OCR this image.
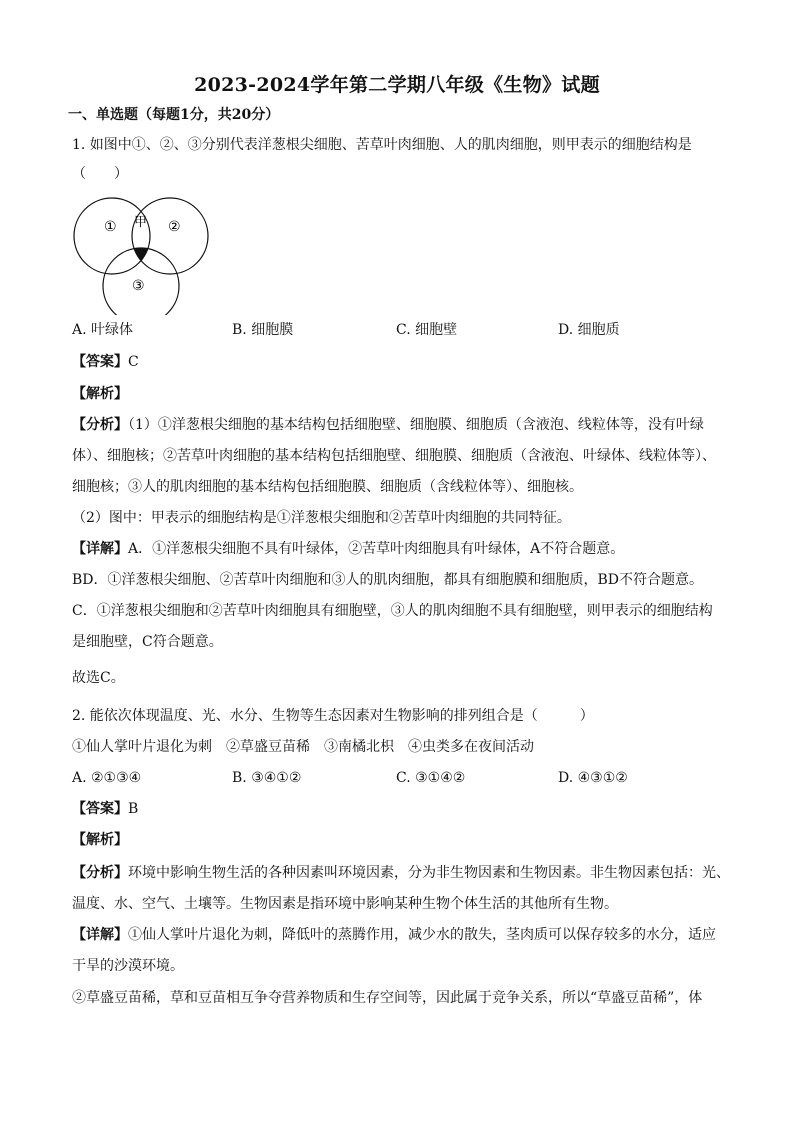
2023-2024学年第二学期八年级《生物》试题
一、单选题（每题1分，共20分）
1. 如图中①、②、③分别代表洋葱根尖细胞、苦草叶肉细胞、人的肌肉细胞，则甲表示的细胞结构是
（　　）
①	②
③
甲
A. 叶绿体	B. 细胞膜	C. 细胞壁	D. 细胞质
【答案】C
【解析】
【分析】（1）①洋葱根尖细胞的基本结构包括细胞壁、细胞膜、细胞质（含液泡、线粒体等，没有叶绿
体）、细胞核；②苦草叶肉细胞的基本结构包括细胞壁、细胞膜、细胞质（含液泡、叶绿体、线粒体等）、
细胞核；③人的肌肉细胞的基本结构包括细胞膜、细胞质（含线粒体等）、细胞核。
（2）图中：甲表示的细胞结构是①洋葱根尖细胞和②苦草叶肉细胞的共同特征。
【详解】A．①洋葱根尖细胞不具有叶绿体，②苦草叶肉细胞具有叶绿体，A不符合题意。
BD．①洋葱根尖细胞、②苦草叶肉细胞和③人的肌肉细胞，都具有细胞膜和细胞质，BD不符合题意。
C．①洋葱根尖细胞和②苦草叶肉细胞具有细胞壁，③人的肌肉细胞不具有细胞壁，则甲表示的细胞结构
是细胞壁，C符合题意。
故选C。
2. 能依次体现温度、光、水分、生物等生态因素对生物影响的排列组合是（　　　）
①仙人掌叶片退化为刺　②草盛豆苗稀　③南橘北枳　④虫类多在夜间活动
A. ②①③④	B. ③④①②	C. ③①④②	D. ④③①②
【答案】B
【解析】
【分析】环境中影响生物生活的各种因素叫环境因素，分为非生物因素和生物因素。非生物因素包括：光、
温度、水、空气、土壤等。生物因素是指环境中影响某种生物个体生活的其他所有生物。
【详解】①仙人掌叶片退化为刺，降低叶的蒸腾作用，减少水的散失，茎肉质可以保存较多的水分，适应
干旱的沙漠环境。
②草盛豆苗稀，草和豆苗相互争夺营养物质和生存空间等，因此属于竞争关系，所以“草盛豆苗稀”，体
